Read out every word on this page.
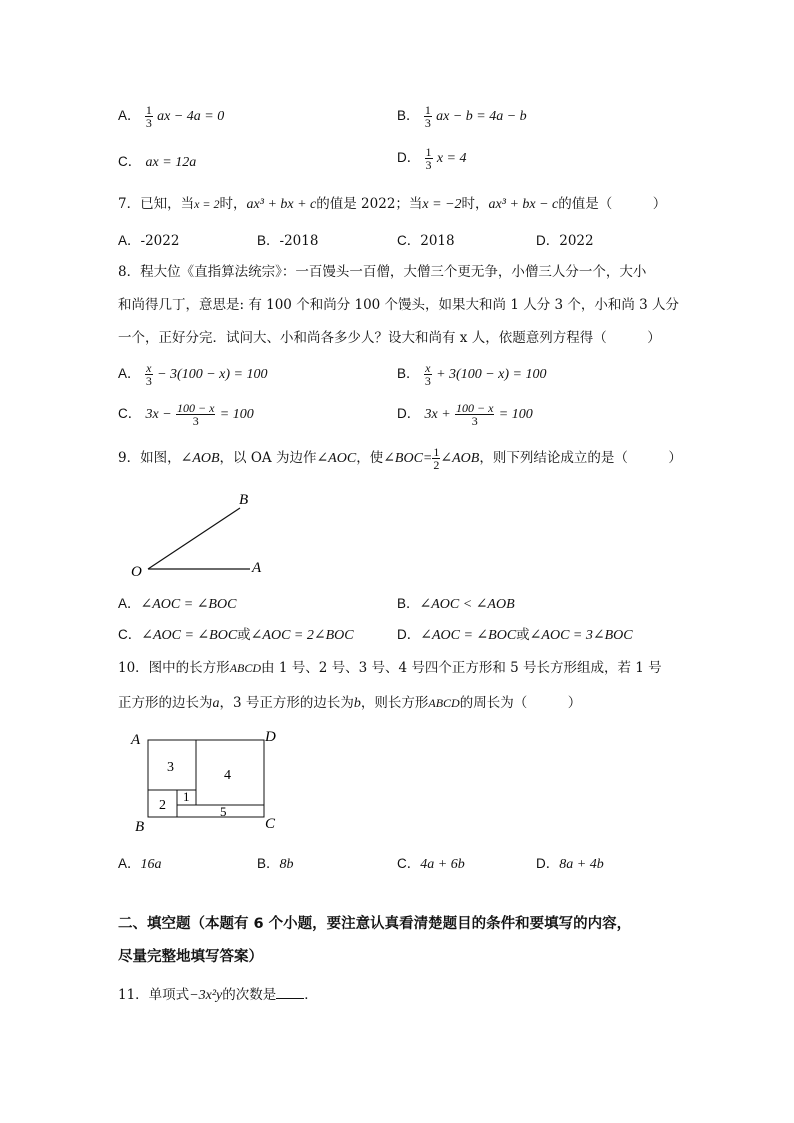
A． $\frac{1}{3}$ ax − 4a = 0	B． $\frac{1}{3}$ ax − b = 4a − b
C． ax = 12a	D． $\frac{1}{3}$ x = 4
7．已知，当x = 2时，ax³ + bx + c的值是 2022；当x = −2时，ax³ + bx − c的值是（　　　）
A．-2022	B．-2018	C．2018	D．2022
8．程大位《直指算法统宗》：一百馒头一百僧，大僧三个更无争，小僧三人分一个，大小
和尚得几丁，意思是: 有 100 个和尚分 100 个馒头，如果大和尚 1 人分 3 个，小和尚 3 人分
一个，正好分完．试问大、小和尚各多少人？设大和尚有 x 人，依题意列方程得（　　　）
A． $\frac{x}{3} - 3(100 - x) = 100$	B． $\frac{x}{3} + 3(100 - x) = 100$
C． $3x - \frac{100 - x}{3} = 100$	D． $3x + \frac{100 - x}{3} = 100$
9．如图，∠AOB，以 OA 为边作∠AOC，使∠BOC= $\frac{1}{2}$ ∠AOB，则下列结论成立的是（　　　）
O	A
B
A．∠AOC = ∠BOC	B．∠AOC < ∠AOB
C．∠AOC = ∠BOC或∠AOC = 2∠BOC	D．∠AOC = ∠BOC或∠AOC = 3∠BOC
10．图中的长方形ABCD由 1 号、2 号、3 号、4 号四个正方形和 5 号长方形组成，若 1 号
正方形的边长为a，3 号正方形的边长为b，则长方形ABCD的周长为（　　　）
A	D
B	C
3
4
2
1
5
A．16a	B．8b	C．4a + 6b	D．8a + 4b
二、填空题（本题有 6 个小题，要注意认真看清楚题目的条件和要填写的内容，
尽量完整地填写答案）
11．单项式−3x²y的次数是 ．
